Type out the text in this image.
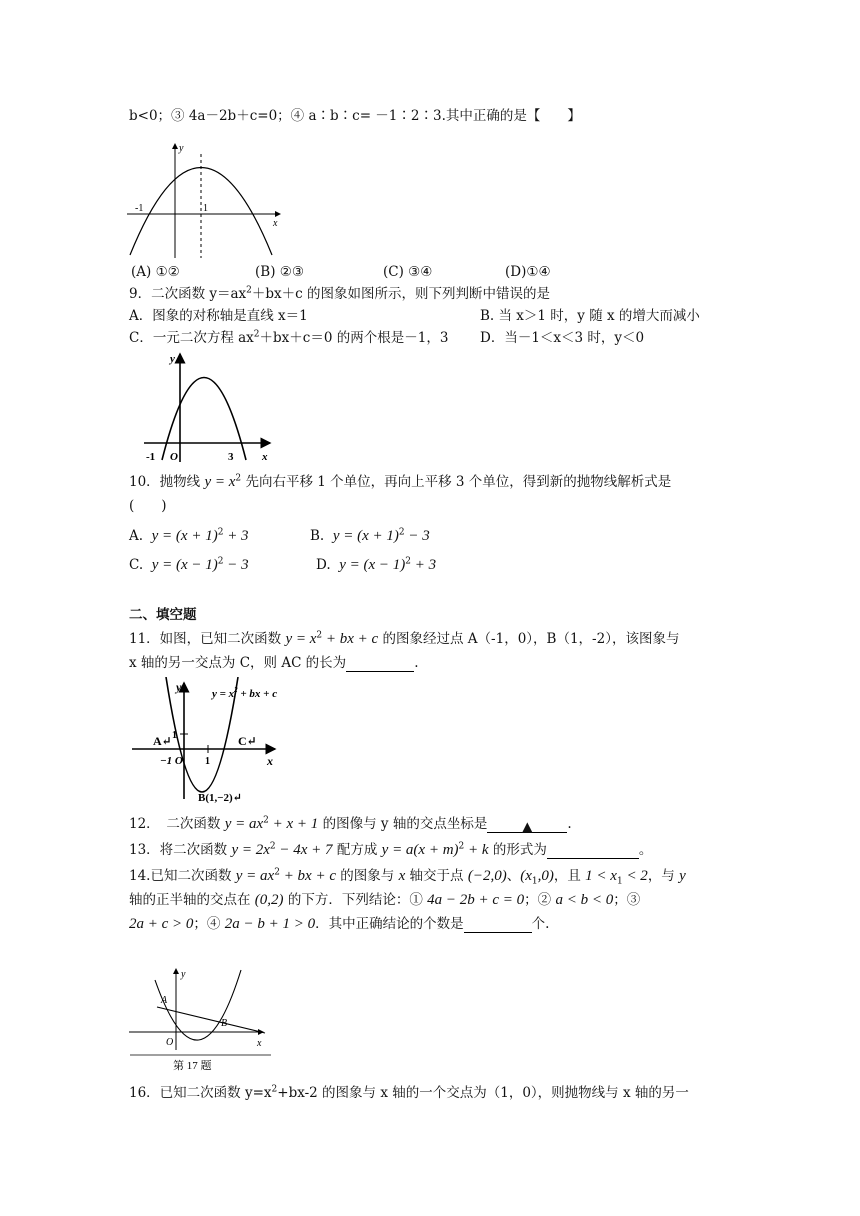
b<0；③ 4a－2b＋c=0；④ a∶b∶c= －1∶2∶3.其中正确的是【　　】
y
x
-1	1
(A) ①②	(B) ②③	(C) ③④	(D)①④
9．二次函数 $y=ax^2+bx+c$ 的图象如图所示，则下列判断中错误的是
A．图象的对称轴是直线 x＝1	B. 当 x＞1 时，y 随 x 的增大而减小
C．一元二次方程 $ax^2+bx+c=0$ 的两个根是－1，3 D．当－1＜x＜3 时，y＜0
y
x
-1 O	3
10．抛物线 $y = x^2$ 先向右平移 1 个单位，再向上平移 3 个单位，得到新的抛物线解析式是
(　　)
A. $y = (x + 1)^2 + 3$	B. $y = (x + 1)^2 - 3$
C. $y = (x - 1)^2 - 3$	D. $y = (x - 1)^2 + 3$
二、填空题
11．如图，已知二次函数 $y = x^2$ + bx + c 的图象经过点 A（-1，0），B（1，-2），该图象与
x 轴的另一交点为 C，则 AC 的长为	.
y
x
$y = x^2$ + bx + c
A↵	C↵
1
−1 O 1
B(1,−2)↵
12．　二次函数 $y = ax^2 + x + 1$ 的图像与 y 轴的交点坐标是	▲	.
13．将二次函数 $y = 2x^2 - 4x + 7$ 配方成 $y = a(x + m)^2 + k$ 的形式为	。
14.已知二次函数 $y = ax^2$ + bx + c 的图象与 x 轴交于点 (−2,0)、$(x_1,0)$，且 $1 < x_1 < 2$，与 y
轴的正半轴的交点在 (0,2) 的下方．下列结论：① 4a − 2b + c = 0；② a < b < 0；③
2a + c > 0；④ 2a − b + 1 > 0．其中正确结论的个数是	个.
y
x
A
B
O
第 17 题
16．已知二次函数 $y=x^2+bx-2$ 的图象与 x 轴的一个交点为（1，0），则抛物线与 x 轴的另一
